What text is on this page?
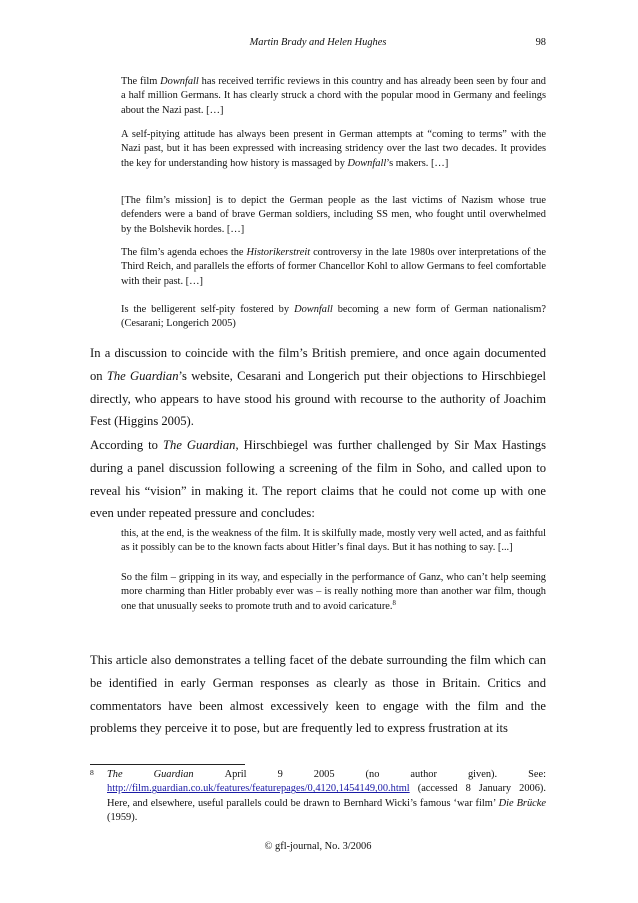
Martin Brady and Helen Hughes	98

The film Downfall has received terrific reviews in this country and has already been seen by four and a half million Germans. It has clearly struck a chord with the popular mood in Germany and feelings about the Nazi past. […]

A self-pitying attitude has always been present in German attempts at “coming to terms” with the Nazi past, but it has been expressed with increasing stridency over the last two decades. It provides the key for understanding how history is massaged by Downfall’s makers. […]

[The film’s mission] is to depict the German people as the last victims of Nazism whose true defenders were a band of brave German soldiers, including SS men, who fought until overwhelmed by the Bolshevik hordes. […]

The film’s agenda echoes the Historikerstreit controversy in the late 1980s over interpretations of the Third Reich, and parallels the efforts of former Chancellor Kohl to allow Germans to feel comfortable with their past. […]

Is the belligerent self-pity fostered by Downfall becoming a new form of German nationalism? (Cesarani; Longerich 2005)

In a discussion to coincide with the film’s British premiere, and once again documented on The Guardian’s website, Cesarani and Longerich put their objections to Hirschbiegel directly, who appears to have stood his ground with recourse to the authority of Joachim Fest (Higgins 2005).

According to The Guardian, Hirschbiegel was further challenged by Sir Max Hastings during a panel discussion following a screening of the film in Soho, and called upon to reveal his “vision” in making it. The report claims that he could not come up with one even under repeated pressure and concludes:

this, at the end, is the weakness of the film. It is skilfully made, mostly very well acted, and as faithful as it possibly can be to the known facts about Hitler’s final days. But it has nothing to say. [...]

So the film – gripping in its way, and especially in the performance of Ganz, who can’t help seeming more charming than Hitler probably ever was – is really nothing more than another war film, though one that unusually seeks to promote truth and to avoid caricature.$^8$

This article also demonstrates a telling facet of the debate surrounding the film which can be identified in early German responses as clearly as those in Britain. Critics and commentators have been almost excessively keen to engage with the film and the problems they perceive it to pose, but are frequently led to express frustration at its

8 The	Guardian	April	9	2005	(no	author	given).	See:
http://film.guardian.co.uk/features/featurepages/0,4120,1454149,00.html (accessed 8 January 2006). Here, and elsewhere, useful parallels could be drawn to Bernhard Wicki’s famous ‘war film’ Die Brücke (1959).
© gfl-journal, No. 3/2006
